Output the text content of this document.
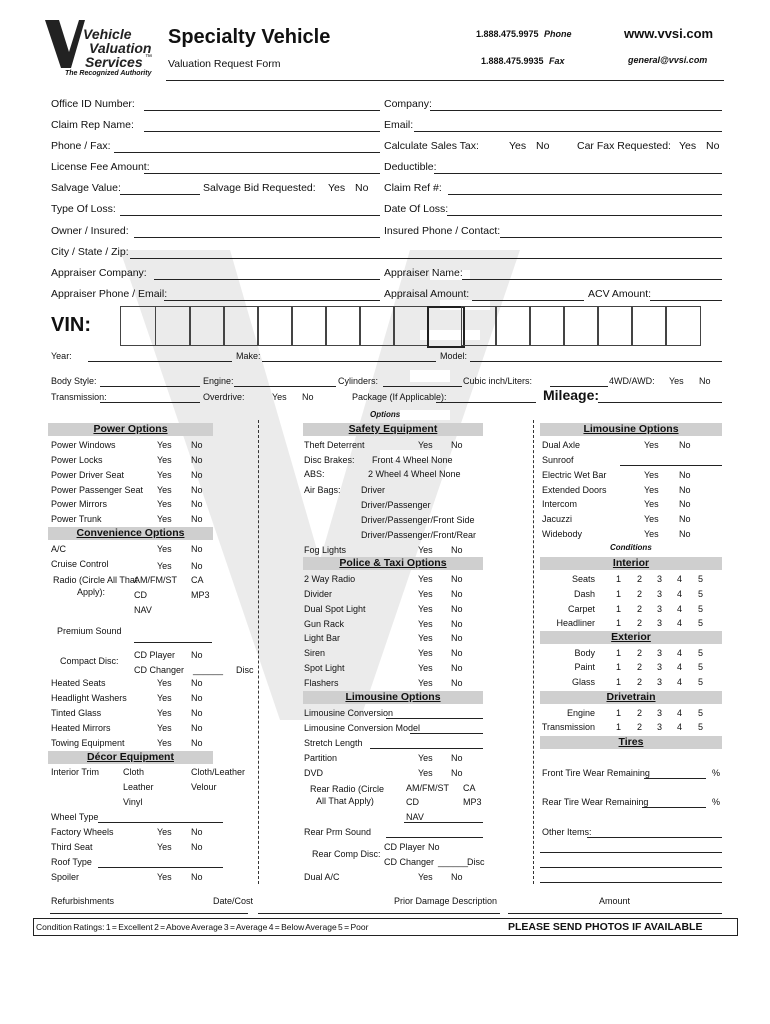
Vehicle
Valuation
Services ™
The Recognized Authority
Specialty Vehicle
Valuation Request Form
1.888.475.9975 Phone
1.888.475.9935 Fax
www.vvsi.com
general@vvsi.com
Office ID Number:	Company:
Claim Rep Name:	Email:
Phone / Fax:	Calculate Sales Tax:	Yes No	Car Fax Requested: Yes No
License Fee Amount:	Deductible:
Salvage Value:	Salvage Bid Requested: Yes No Claim Ref #:
Type Of Loss:	Date Of Loss:
Owner / Insured:	Insured Phone / Contact:
City / State / Zip:
Appraiser Company:	Appraiser Name:
Appraiser Phone / Email:	Appraisal Amount:	ACV Amount:
VIN:
Year:	Make:	Model:
Body Style:	Engine:	Cylinders:	Cubic inch/Liters:	4WD/AWD: Yes No
Transmission:	Overdrive:	Yes No	Package (If Applicable):	Mileage:
Options
Power Options	Safety Equipment	Limousine Options
Refurbishments	Date/Cost	Prior Damage Description	Amount
Condition Ratings: 1 = Excellent 2 = Above Average 3 = Average 4 = Below Average 5 = Poor	PLEASE SEND PHOTOS IF AVAILABLE
Power Windows	Yes No
Power Locks	Yes No
Power Driver Seat	Yes No
Power Passenger Seat Yes No
Power Mirrors	Yes No
Power Trunk	Yes No
Convenience Options
A/C	Yes No
Cruise Control	Yes No
Radio (Circle All That
Apply):
AM/FM/ST CA
CD	MP3
NAV
Premium Sound
Compact Disc:
CD Player No
CD Changer ______ Disc
Heated Seats	Yes No
Headlight Washers	Yes No
Tinted Glass	Yes No
Heated Mirrors	Yes No
Towing Equipment	Yes No
Décor Equipment
Interior Trim	Cloth	Cloth/Leather
Leather	Velour
Vinyl
Wheel Type
Factory Wheels	Yes No
Third Seat	Yes No
Roof Type
Spoiler	Yes No
Theft Deterrent	Yes No
Disc Brakes: Front 4 Wheel None
ABS:	2 Wheel 4 Wheel None
Air Bags: Driver
Driver/Passenger
Driver/Passenger/Front Side
Driver/Passenger/Front/Rear
Fog Lights	Yes No
Police & Taxi Options
2 Way Radio	Yes No
Divider	Yes No
Dual Spot Light	Yes No
Gun Rack	Yes No
Light Bar	Yes No
Siren	Yes No
Spot Light	Yes No
Flashers	Yes No
Limousine Options
Limousine Conversion
Limousine Conversion Model
Stretch Length
Partition	Yes No
DVD	Yes No
Rear Radio (Circle
All That Apply)
AM/FM/ST CA
CD	MP3
NAV
Rear Prm Sound
Rear Comp Disc:
CD Player No
CD Changer ______
Disc
Dual A/C	Yes No
Dual Axle	Yes No
Sunroof
Electric Wet Bar	Yes No
Extended Doors	Yes No
Intercom	Yes No
Jacuzzi	Yes No
Widebody	Yes No
Conditions
Interior
Seats 1 2 3 4 5
Dash 1 2 3 4 5
Carpet 1 2 3 4 5
Headliner 1 2 3 4 5
Exterior
Body 1 2 3 4 5
Paint 1 2 3 4 5
Glass 1 2 3 4 5
Drivetrain
Engine 1 2 3 4 5
Transmission 1 2 3 4 5
Tires
Front Tire Wear Remaining	%
Rear Tire Wear Remaining	%
Other Items:
